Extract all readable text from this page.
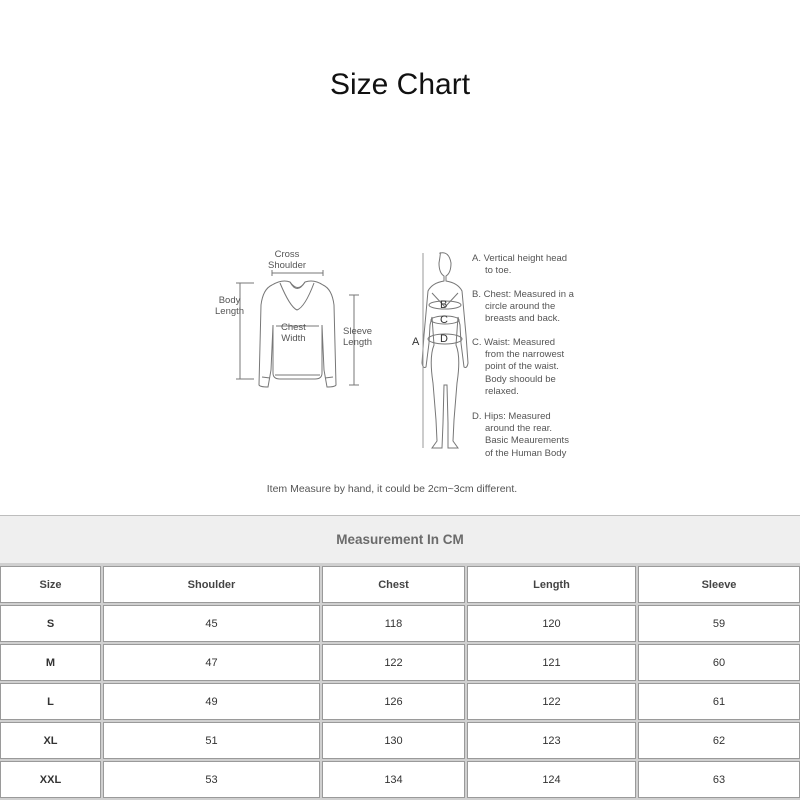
Size Chart
Cross
Shoulder
Body
Length
Chest
Width
Sleeve
Length	A
B
C
D
A. Vertical height head
to toe.
B. Chest: Measured in a
circle around the
breasts and back.
C. Waist: Measured
from the narrowest
point of the waist.
Body shoould be
relaxed.
D. Hips: Measured
around the rear.
Basic Meaurements
of the Human Body
Item Measure by hand, it could be 2cm~3cm different.
Measurement In CM
Size	Shoulder	Chest	Length	Sleeve
S	45	118	120	59
M	47	122	121	60
L	49	126	122	61
XL	51	130	123	62
XXL	53	134	124	63
